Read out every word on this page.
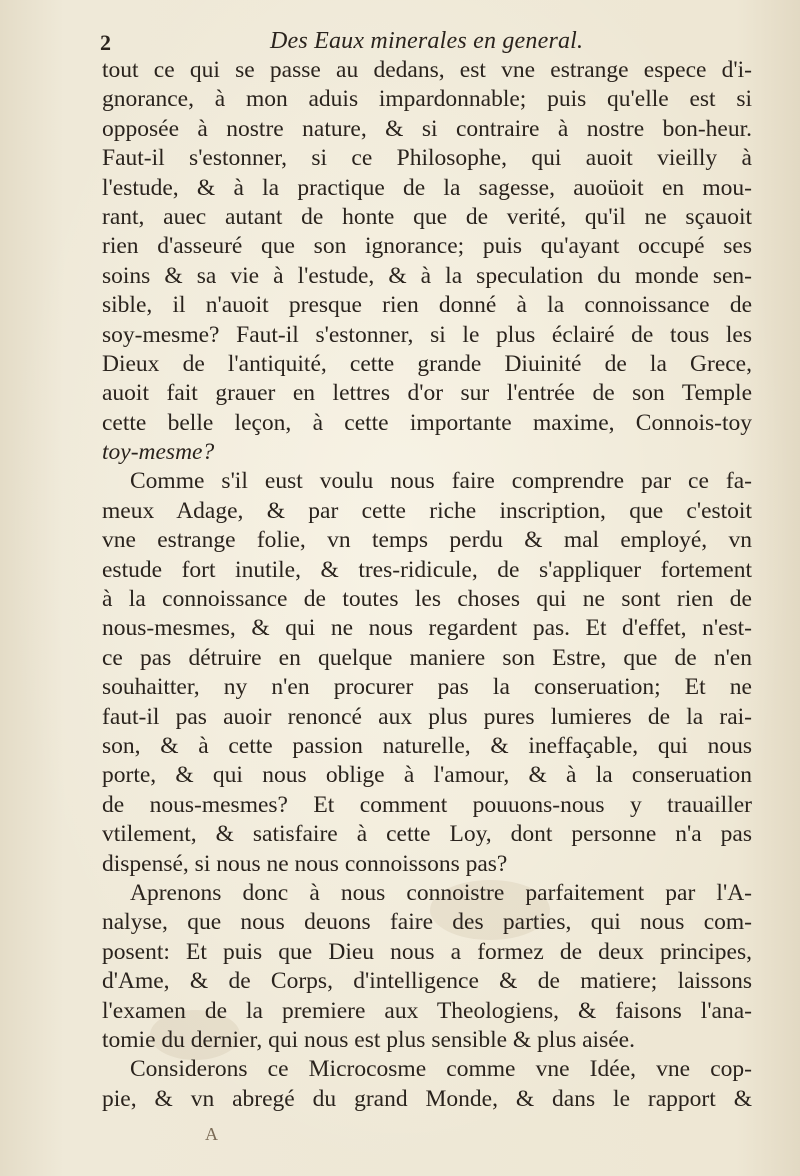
2	Des Eaux minerales en general.
tout ce qui se passe au dedans, est vne estrange espece d'i-
gnorance, à mon aduis impardonnable; puis qu'elle est si
opposée à nostre nature, & si contraire à nostre bon-heur.
Faut-il s'estonner, si ce Philosophe, qui auoit vieilly à
l'estude, & à la practique de la sagesse, auoüoit en mou-
rant, auec autant de honte que de verité, qu'il ne sçauoit
rien d'asseuré que son ignorance; puis qu'ayant occupé ses
soins & sa vie à l'estude, & à la speculation du monde sen-
sible, il n'auoit presque rien donné à la connoissance de
soy-mesme? Faut-il s'estonner, si le plus éclairé de tous les
Dieux de l'antiquité, cette grande Diuinité de la Grece,
auoit fait grauer en lettres d'or sur l'entrée de son Temple
cette belle leçon, à cette importante maxime, Connois-toy
toy-mesme?
Comme s'il eust voulu nous faire comprendre par ce fa-
meux Adage, & par cette riche inscription, que c'estoit
vne estrange folie, vn temps perdu & mal employé, vn
estude fort inutile, & tres-ridicule, de s'appliquer fortement
à la connoissance de toutes les choses qui ne sont rien de
nous-mesmes, & qui ne nous regardent pas. Et d'effet, n'est-
ce pas détruire en quelque maniere son Estre, que de n'en
souhaitter, ny n'en procurer pas la conseruation; Et ne
faut-il pas auoir renoncé aux plus pures lumieres de la rai-
son, & à cette passion naturelle, & ineffaçable, qui nous
porte, & qui nous oblige à l'amour, & à la conseruation
de nous-mesmes? Et comment pouuons-nous y trauailler
vtilement, & satisfaire à cette Loy, dont personne n'a pas
dispensé, si nous ne nous connoissons pas?
Aprenons donc à nous connoistre parfaitement par l'A-
nalyse, que nous deuons faire des parties, qui nous com-
posent: Et puis que Dieu nous a formez de deux principes,
d'Ame, & de Corps, d'intelligence & de matiere; laissons
l'examen de la premiere aux Theologiens, & faisons l'ana-
tomie du dernier, qui nous est plus sensible & plus aisée.
Considerons ce Microcosme comme vne Idée, vne cop-
pie, & vn abregé du grand Monde, & dans le rapport &
A
